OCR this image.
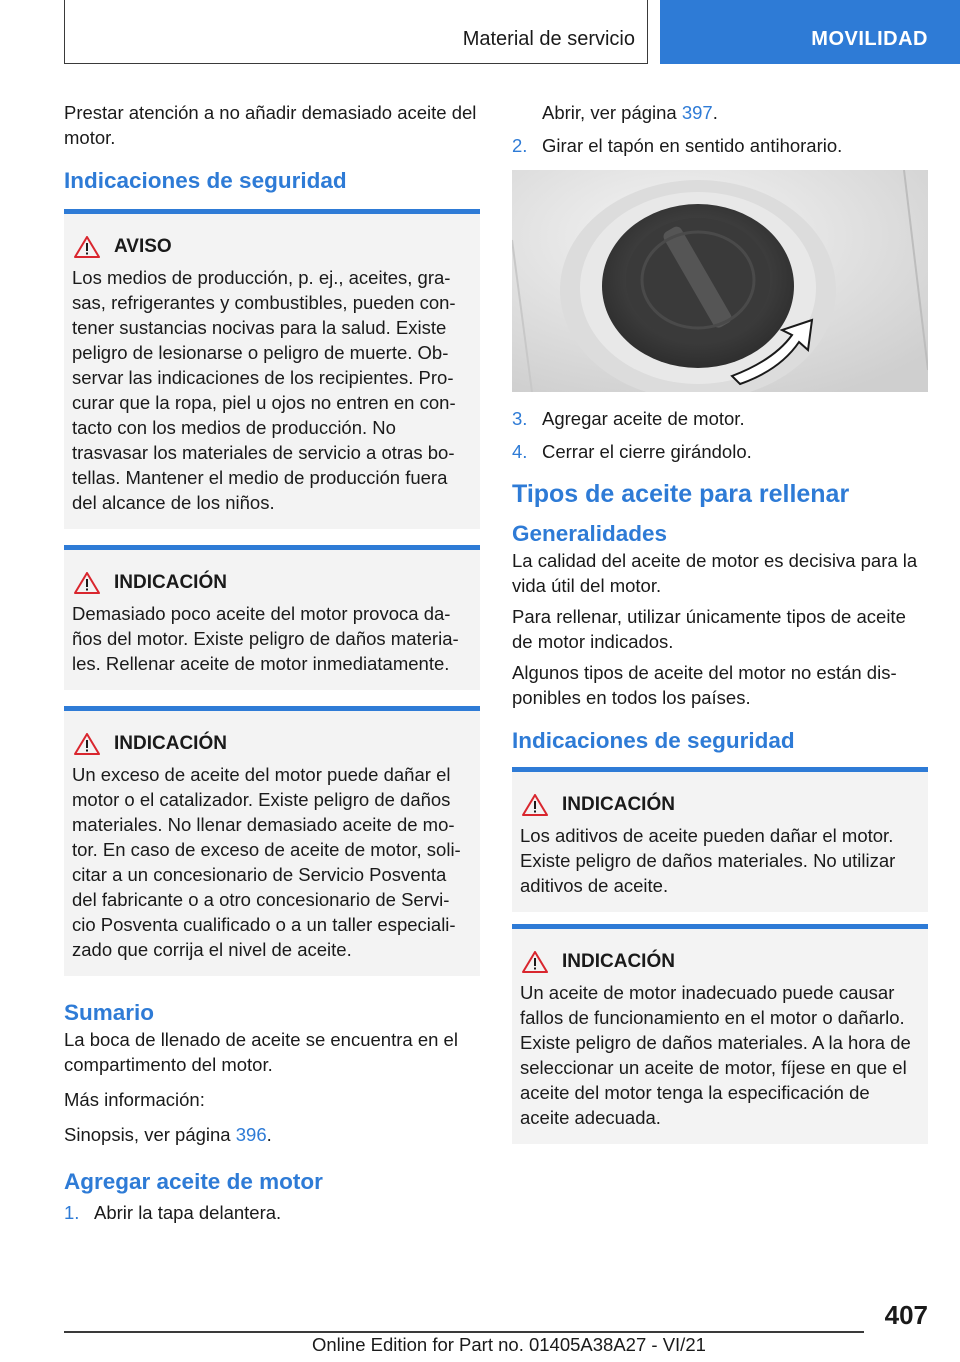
Material de servicio	MOVILIDAD

Prestar atención a no añadir demasiado aceite del motor.

Indicaciones de seguridad
AVISO
Los medios de producción, p. ej., aceites, gra-sas, refrigerantes y combustibles, pueden con-tener sustancias nocivas para la salud. Existe peligro de lesionarse o peligro de muerte. Ob-servar las indicaciones de los recipientes. Pro-curar que la ropa, piel u ojos no entren en con-tacto con los medios de producción. No trasvasar los materiales de servicio a otras bo-tellas. Mantener el medio de producción fuera del alcance de los niños.
INDICACIÓN
Demasiado poco aceite del motor provoca da-ños del motor. Existe peligro de daños materia-les. Rellenar aceite de motor inmediatamente.
INDICACIÓN
Un exceso de aceite del motor puede dañar el motor o el catalizador. Existe peligro de daños materiales. No llenar demasiado aceite de mo-tor. En caso de exceso de aceite de motor, soli-citar a un concesionario de Servicio Posventa del fabricante o a otro concesionario de Servi-cio Posventa cualificado o a un taller especiali-zado que corrija el nivel de aceite.
Sumario

La boca de llenado de aceite se encuentra en el compartimento del motor.

Más información:

Sinopsis, ver página 396.

Agregar aceite de motor
1. Abrir la tapa delantera.
Abrir, ver página 397.
2. Girar el tapón en sentido antihorario.
3. Agregar aceite de motor.
4. Cerrar el cierre girándolo.
Tipos de aceite para rellenar
Generalidades

La calidad del aceite de motor es decisiva para la vida útil del motor.

Para rellenar, utilizar únicamente tipos de aceite de motor indicados.

Algunos tipos de aceite del motor no están dis-ponibles en todos los países.

Indicaciones de seguridad
INDICACIÓN
Los aditivos de aceite pueden dañar el motor. Existe peligro de daños materiales. No utilizar aditivos de aceite.
INDICACIÓN
Un aceite de motor inadecuado puede causar fallos de funcionamiento en el motor o dañarlo. Existe peligro de daños materiales. A la hora de seleccionar un aceite de motor, fíjese en que el aceite del motor tenga la especificación de aceite adecuada.
407
Online Edition for Part no. 01405A38A27 - VI/21
